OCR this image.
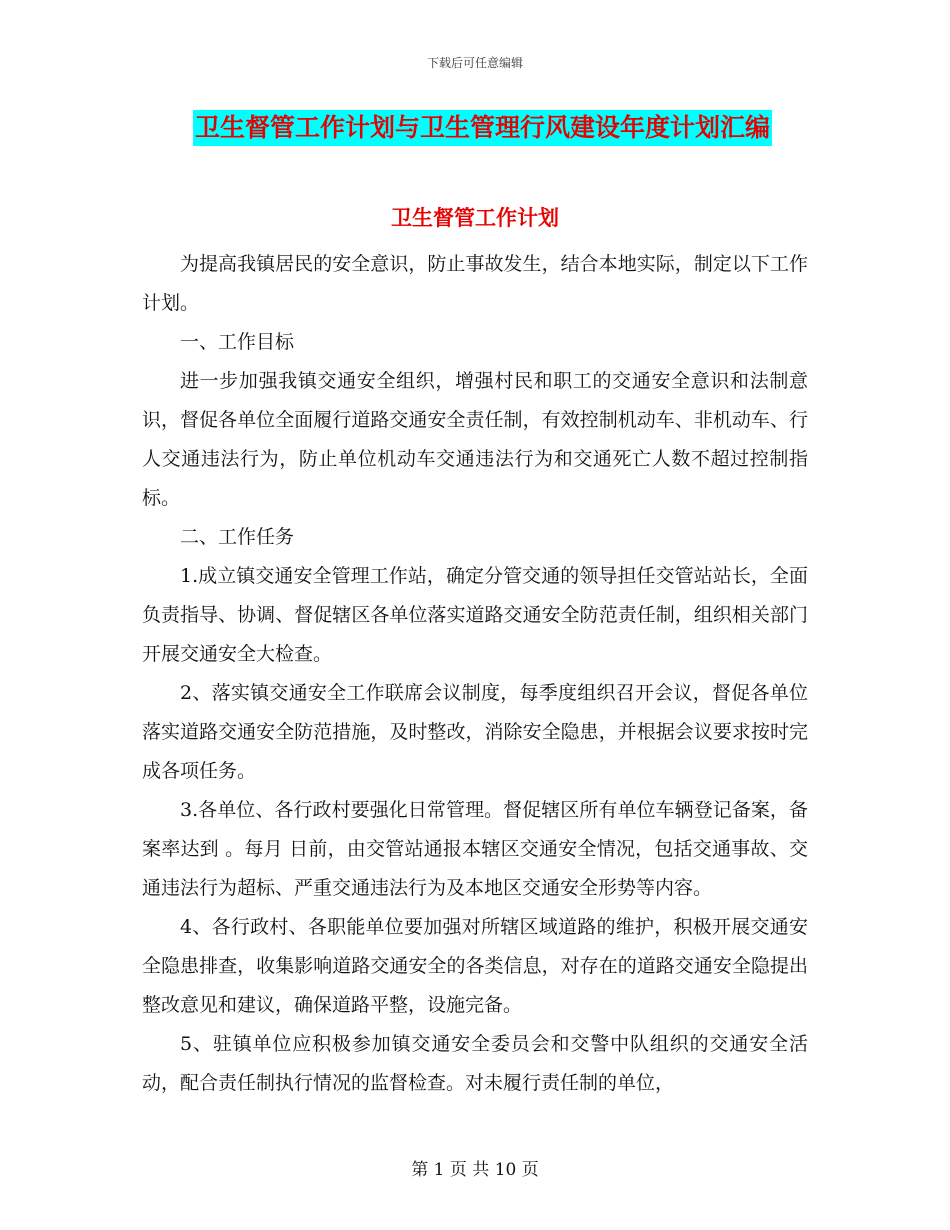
下载后可任意编辑
卫生督管工作计划与卫生管理行风建设年度计划汇编
卫生督管工作计划

为提高我镇居民的安全意识，防止事故发生，结合本地实际，制定以下工作计划。

一、工作目标

进一步加强我镇交通安全组织，增强村民和职工的交通安全意识和法制意识，督促各单位全面履行道路交通安全责任制，有效控制机动车、非机动车、行人交通违法行为，防止单位机动车交通违法行为和交通死亡人数不超过控制指标。

二、工作任务

1.成立镇交通安全管理工作站，确定分管交通的领导担任交管站站长，全面负责指导、协调、督促辖区各单位落实道路交通安全防范责任制，组织相关部门开展交通安全大检查。

2、落实镇交通安全工作联席会议制度，每季度组织召开会议，督促各单位落实道路交通安全防范措施，及时整改，消除安全隐患，并根据会议要求按时完成各项任务。

3.各单位、各行政村要强化日常管理。督促辖区所有单位车辆登记备案，备案率达到 。每月 日前，由交管站通报本辖区交通安全情况，包括交通事故、交通违法行为超标、严重交通违法行为及本地区交通安全形势等内容。

4、各行政村、各职能单位要加强对所辖区域道路的维护，积极开展交通安全隐患排查，收集影响道路交通安全的各类信息，对存在的道路交通安全隐提出整改意见和建议，确保道路平整，设施完备。

5、驻镇单位应积极参加镇交通安全委员会和交警中队组织的交通安全活动，配合责任制执行情况的监督检查。对未履行责任制的单位，

第 1 页 共 10 页
